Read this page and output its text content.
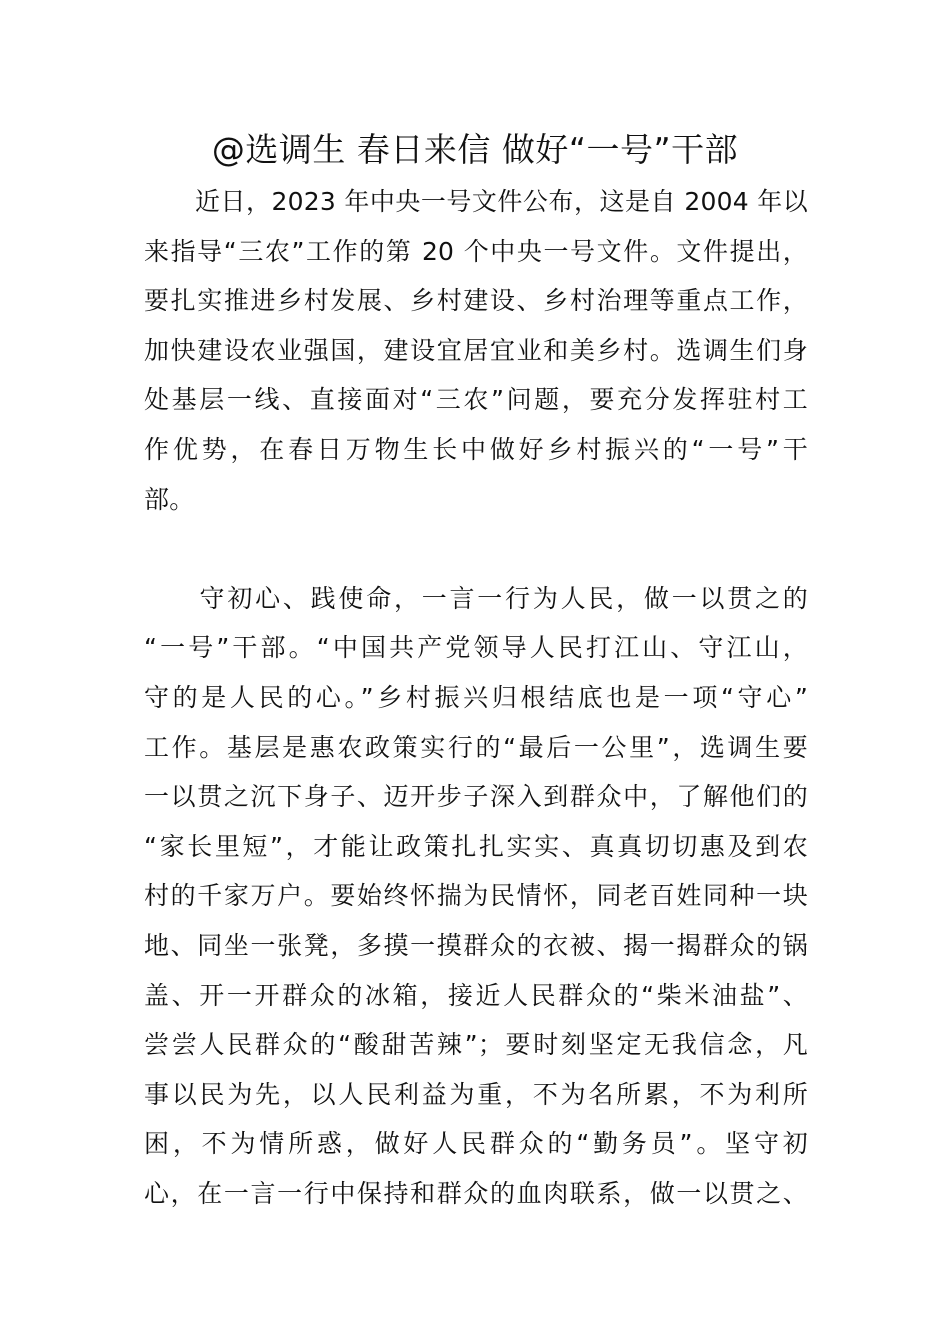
@选调生 春日来信 做好“一号”干部
　　近日，2023 年中央一号文件公布，这是自 2004 年以
来指导“三农”工作的第 20 个中央一号文件。文件提出，
要扎实推进乡村发展、乡村建设、乡村治理等重点工作，
加快建设农业强国，建设宜居宜业和美乡村。选调生们身
处基层一线、直接面对“三农”问题，要充分发挥驻村工
作优势，在春日万物生长中做好乡村振兴的“一号”干
部。
　　守初心、践使命，一言一行为人民，做一以贯之的
“一号”干部。“中国共产党领导人民打江山、守江山，
守的是人民的心。”乡村振兴归根结底也是一项“守心”
工作。基层是惠农政策实行的“最后一公里”，选调生要
一以贯之沉下身子、迈开步子深入到群众中，了解他们的
“家长里短”，才能让政策扎扎实实、真真切切惠及到农
村的千家万户。要始终怀揣为民情怀，同老百姓同种一块
地、同坐一张凳，多摸一摸群众的衣被、揭一揭群众的锅
盖、开一开群众的冰箱，接近人民群众的“柴米油盐”、
尝尝人民群众的“酸甜苦辣”；要时刻坚定无我信念，凡
事以民为先，以人民利益为重，不为名所累，不为利所
困，不为情所惑，做好人民群众的“勤务员”。坚守初
心，在一言一行中保持和群众的血肉联系，做一以贯之、
